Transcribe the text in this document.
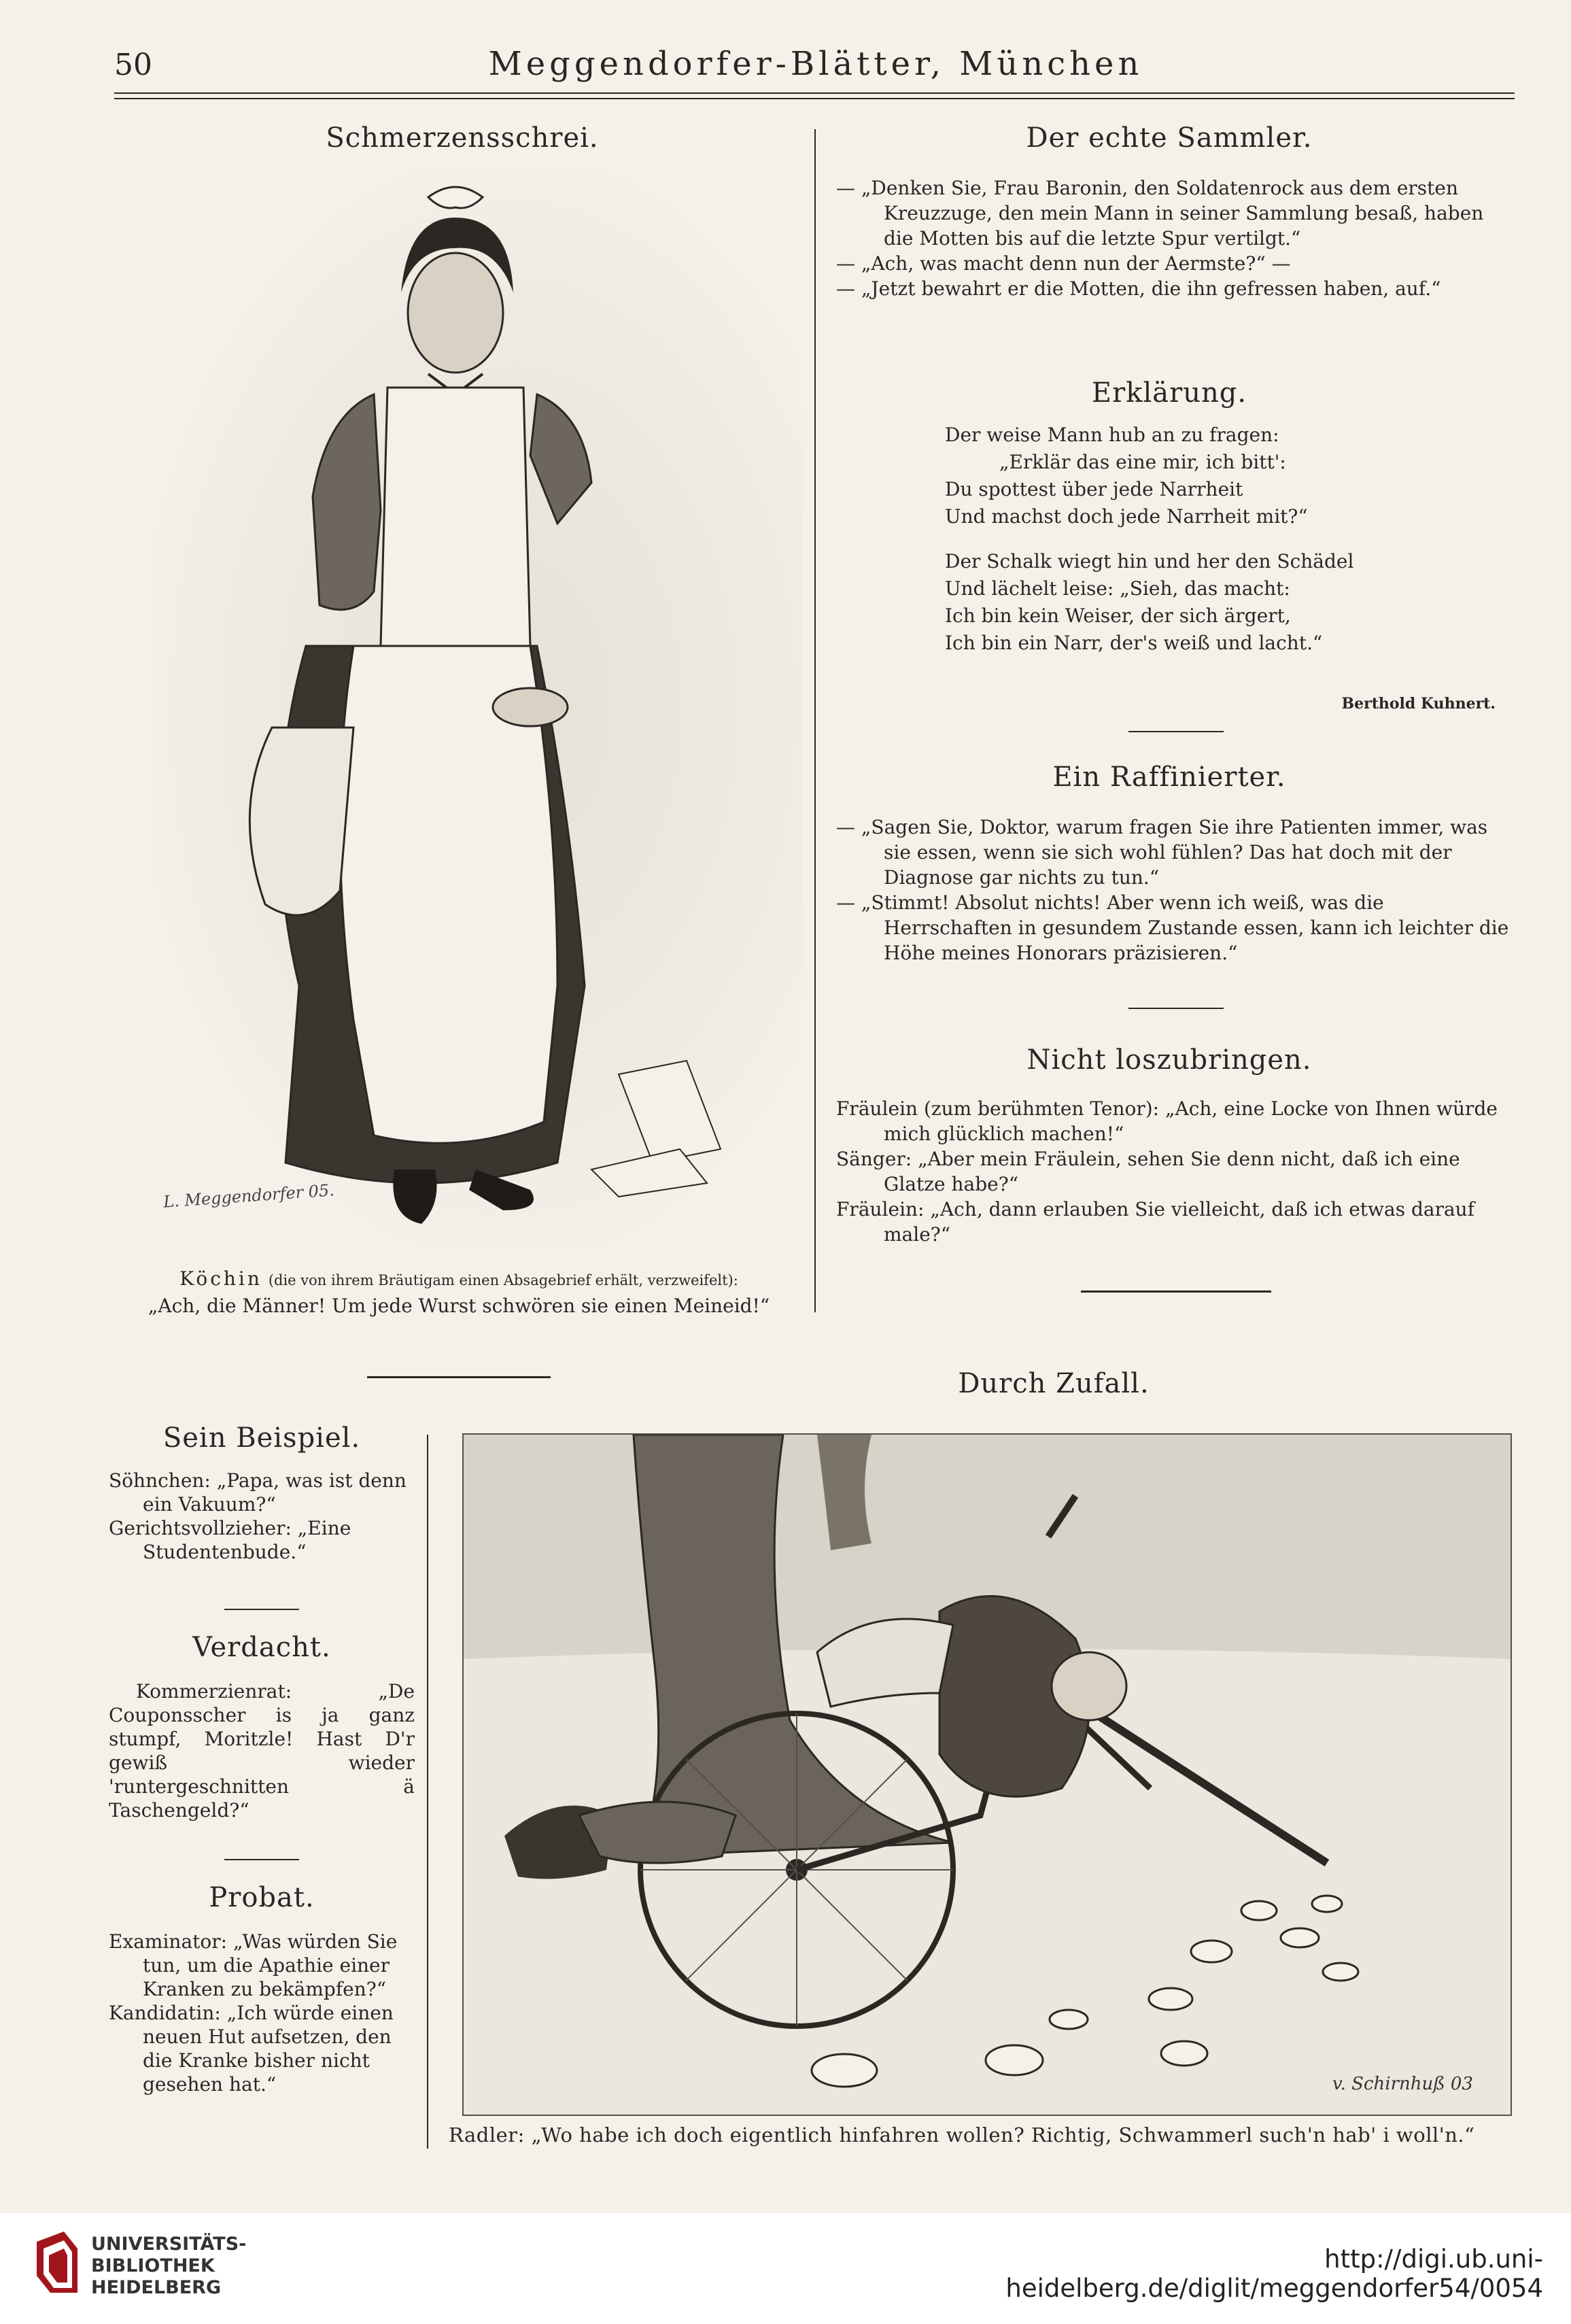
50	Meggendorfer-Blätter, München
Schmerzensschrei.
L. Meggendorfer 05.
Köchin (die von ihrem Bräutigam einen Absagebrief erhält, verzweifelt):
„Ach, die Männer! Um jede Wurst schwören sie einen Meineid!“
Der echte Sammler.

— „Denken Sie, Frau Baronin, den Soldatenrock aus dem ersten Kreuzzuge, den mein Mann in seiner Sammlung besaß, haben die Motten bis auf die letzte Spur vertilgt.“

— „Ach, was macht denn nun der Aermste?“ —

— „Jetzt bewahrt er die Motten, die ihn gefressen haben, auf.“

Erklärung.

Der weise Mann hub an zu fragen:

„Erklär das eine mir, ich bitt':

Du spottest über jede Narrheit

Und machst doch jede Narrheit mit?“

Der Schalk wiegt hin und her den Schädel

Und lächelt leise: „Sieh, das macht:

Ich bin kein Weiser, der sich ärgert,

Ich bin ein Narr, der's weiß und lacht.“

Berthold Kuhnert.
Ein Raffinierter.

— „Sagen Sie, Doktor, warum fragen Sie ihre Patienten immer, was sie essen, wenn sie sich wohl fühlen? Das hat doch mit der Diagnose gar nichts zu tun.“

— „Stimmt! Absolut nichts! Aber wenn ich weiß, was die Herrschaften in gesundem Zustande essen, kann ich leichter die Höhe meines Honorars präzisieren.“

Nicht loszubringen.

Fräulein (zum berühmten Tenor): „Ach, eine Locke von Ihnen würde mich glücklich machen!“

Sänger: „Aber mein Fräulein, sehen Sie denn nicht, daß ich eine Glatze habe?“

Fräulein: „Ach, dann erlauben Sie vielleicht, daß ich etwas darauf male?“

Durch Zufall.
Sein Beispiel.

Söhnchen: „Papa, was ist denn ein Vakuum?“

Gerichtsvollzieher: „Eine Studentenbude.“

Verdacht.
Kommerzienrat: „De Couponsscher is ja ganz stumpf, Moritzle! Hast D'r gewiß wieder 'runtergeschnitten ä Taschengeld?“
Probat.

Examinator: „Was würden Sie tun, um die Apathie einer Kranken zu bekämpfen?“

Kandidatin: „Ich würde einen neuen Hut aufsetzen, den die Kranke bisher nicht gesehen hat.“	v. Schirnhuß 03
Radler: „Wo habe ich doch eigentlich hinfahren wollen? Richtig, Schwammerl such'n hab' i woll'n.“
UNIVERSITÄTS-
BIBLIOTHEK
HEIDELBERG
http://digi.ub.uni-heidelberg.de/diglit/meggendorfer54/0054
